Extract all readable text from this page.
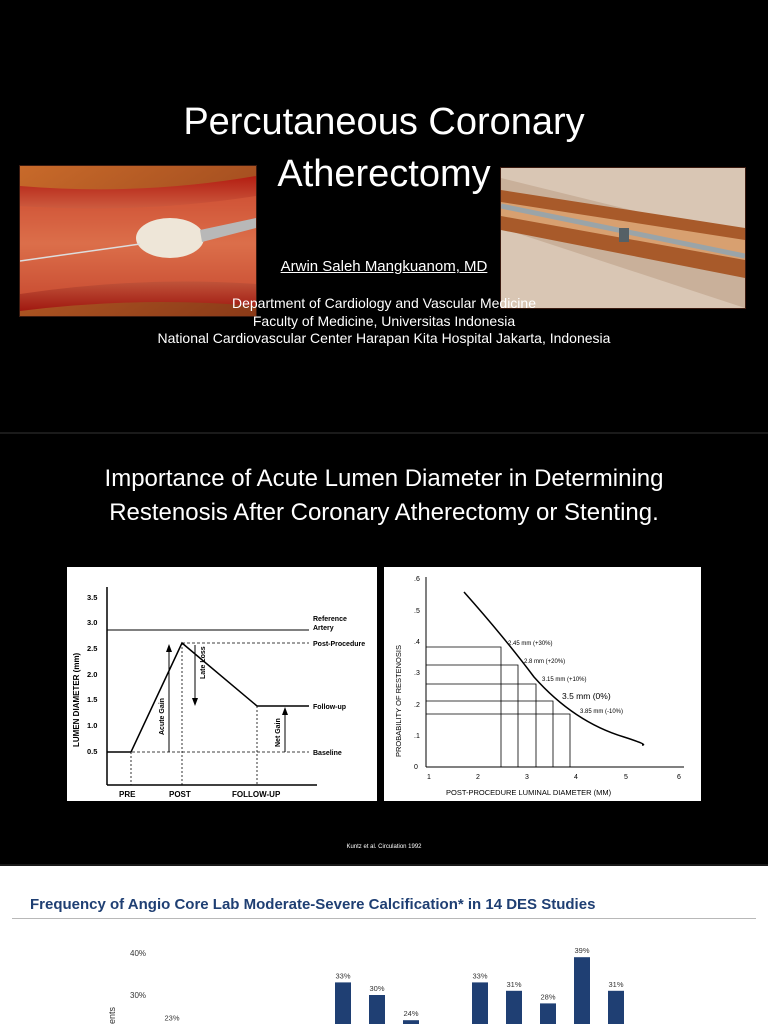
Percutaneous Coronary
Atherectomy
Arwin Saleh Mangkuanom, MD
Department of Cardiology and Vascular Medicine
Faculty of Medicine, Universitas Indonesia
National Cardiovascular Center Harapan Kita Hospital Jakarta, Indonesia
Importance of Acute Lumen Diameter in Determining
Restenosis After Coronary Atherectomy or Stenting.
LUMEN DIAMETER (mm)
3.5
3.0
2.5
2.0
1.5
1.0
0.5
Acute Gain
Late Loss
Net Gain
Reference
Artery
Post-Procedure
Follow-up
Baseline
PRE	POST	FOLLOW-UP
PROBABILITY OF RESTENOSIS
.6
.5
.4
.3
.2
.1
0
1	2	3	4	5	6
POST-PROCEDURE LUMINAL DIAMETER (MM)
2.45 mm (+30%)
2.8 mm (+20%)
3.15 mm (+10%)
3.5 mm (0%)
3.85 mm (-10%)
Kuntz et al. Circulation 1992
Frequency of Angio Core Lab Moderate-Severe Calcification* in 14 DES Studies
ents
40%
30%
23%
33%
30%
24%
33%
31%
28%
39%
31%
